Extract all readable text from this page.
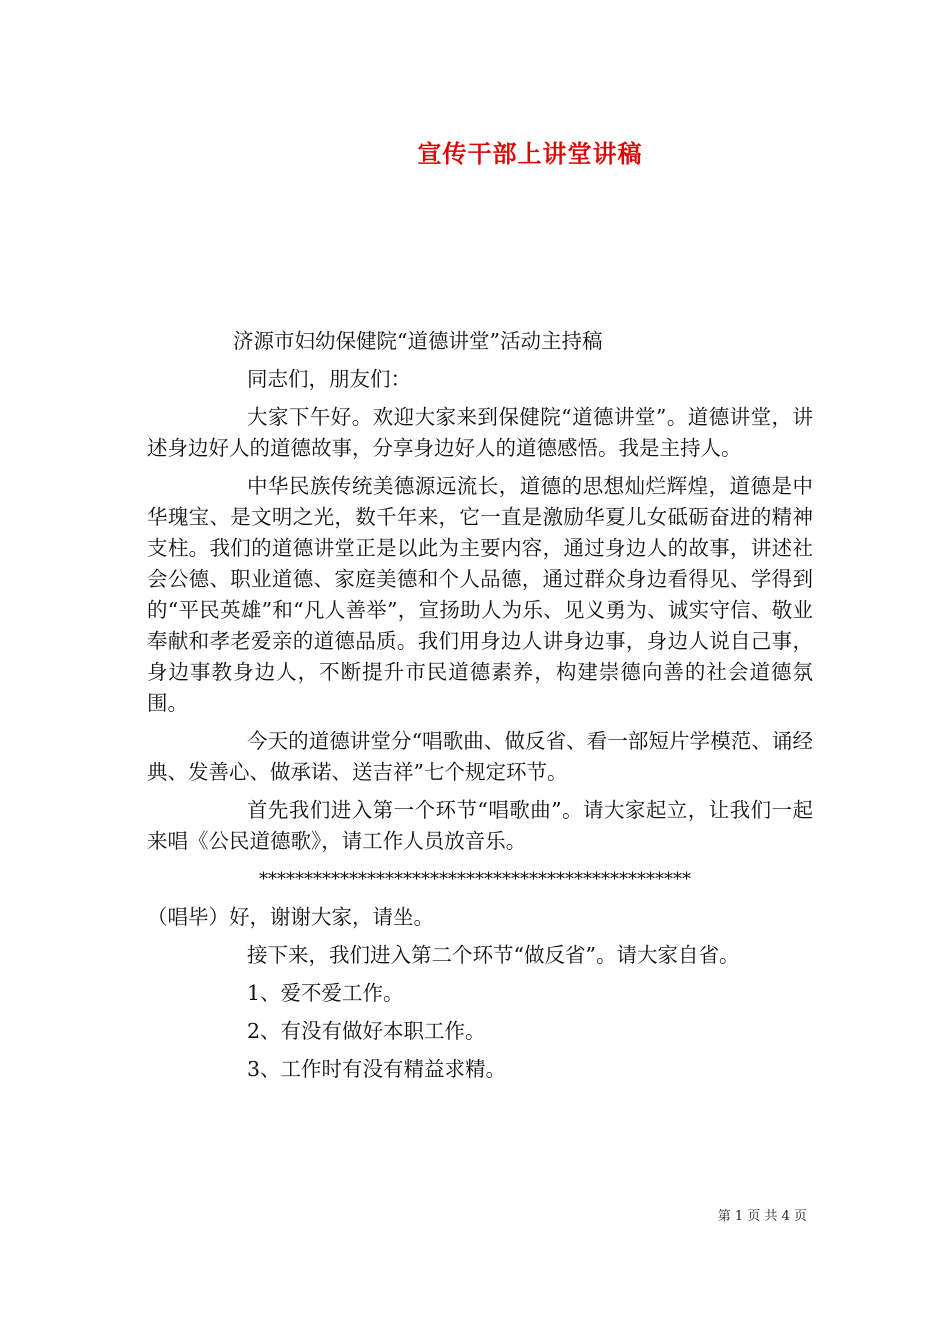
宣传干部上讲堂讲稿
济源市妇幼保健院“道德讲堂”活动主持稿
同志们，朋友们：
大家下午好。欢迎大家来到保健院“道德讲堂”。道德讲堂，讲述身边好人的道德故事，分享身边好人的道德感悟。我是主持人。
中华民族传统美德源远流长，道德的思想灿烂辉煌，道德是中华瑰宝、是文明之光，数千年来，它一直是激励华夏儿女砥砺奋进的精神支柱。我们的道德讲堂正是以此为主要内容，通过身边人的故事，讲述社会公德、职业道德、家庭美德和个人品德，通过群众身边看得见、学得到的“平民英雄”和“凡人善举”，宣扬助人为乐、见义勇为、诚实守信、敬业奉献和孝老爱亲的道德品质。我们用身边人讲身边事，身边人说自己事，身边事教身边人，不断提升市民道德素养，构建崇德向善的社会道德氛围。
今天的道德讲堂分“唱歌曲、做反省、看一部短片学模范、诵经典、发善心、做承诺、送吉祥”七个规定环节。
首先我们进入第一个环节“唱歌曲”。请大家起立，让我们一起来唱《公民道德歌》，请工作人员放音乐。
************************************************
（唱毕）好，谢谢大家，请坐。
接下来，我们进入第二个环节“做反省”。请大家自省。
1、爱不爱工作。
2、有没有做好本职工作。
3、工作时有没有精益求精。
第 1 页 共 4 页
